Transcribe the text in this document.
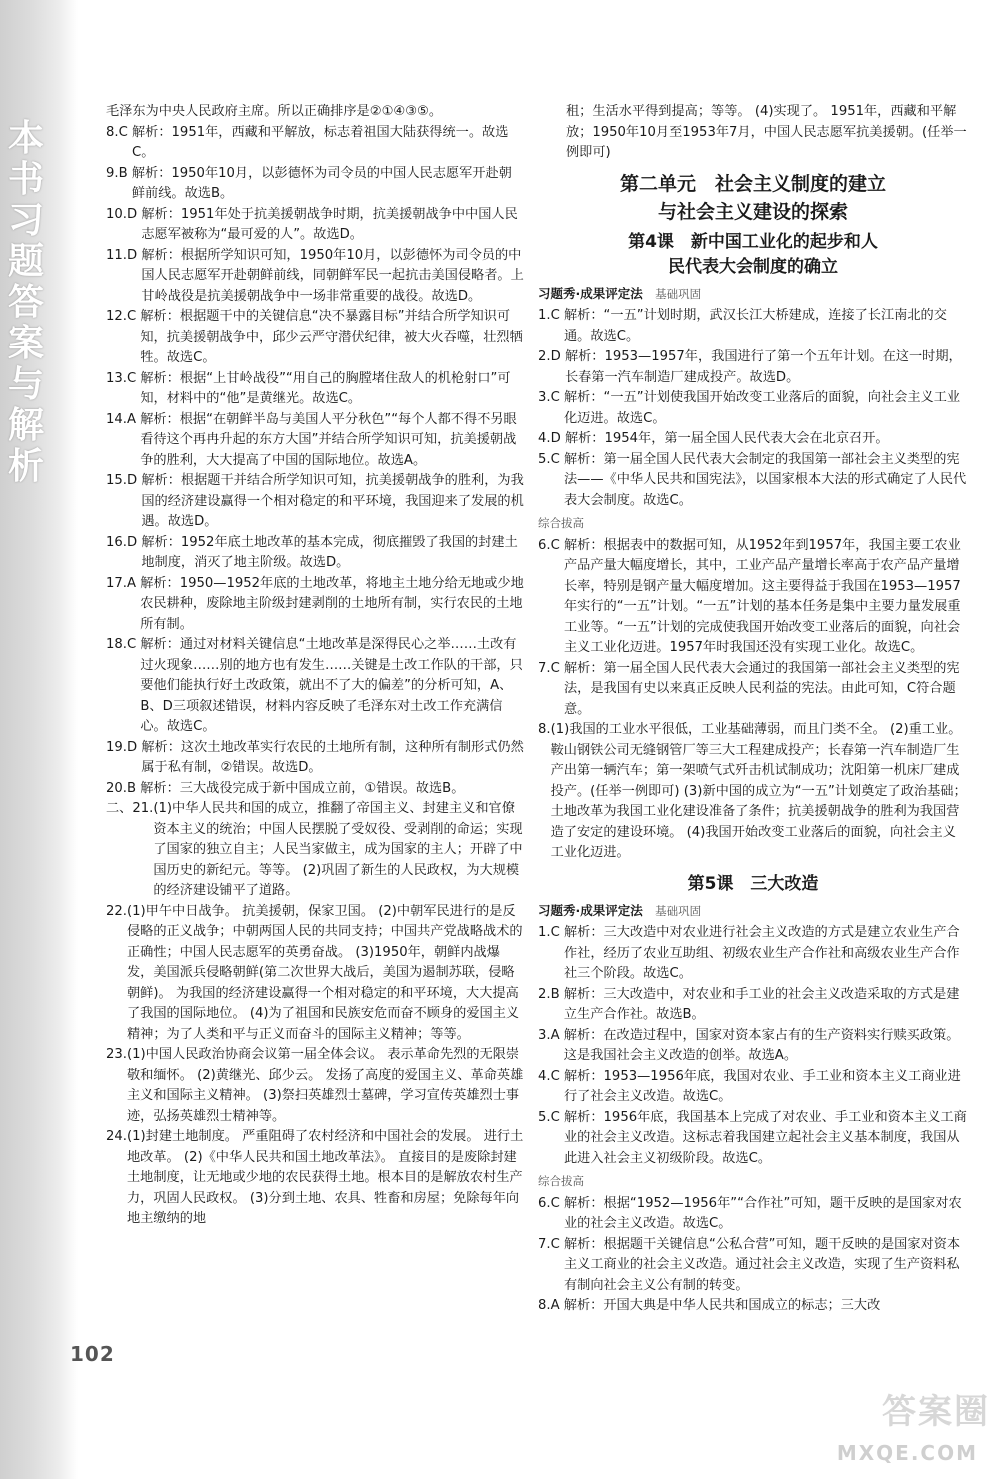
本书习题答案与解析
102
毛泽东为中央人民政府主席。所以正确排序是②①④③⑤。
8.C 解析：1951年，西藏和平解放，标志着祖国大陆获得统一。故选C。
9.B 解析：1950年10月，以彭德怀为司令员的中国人民志愿军开赴朝鲜前线。故选B。
10.D 解析：1951年处于抗美援朝战争时期，抗美援朝战争中中国人民志愿军被称为“最可爱的人”。故选D。
11.D 解析：根据所学知识可知，1950年10月，以彭德怀为司令员的中国人民志愿军开赴朝鲜前线，同朝鲜军民一起抗击美国侵略者。上甘岭战役是抗美援朝战争中一场非常重要的战役。故选D。
12.C 解析：根据题干中的关键信息“决不暴露目标”并结合所学知识可知，抗美援朝战争中，邱少云严守潜伏纪律，被大火吞噬，壮烈牺牲。故选C。
13.C 解析：根据“上甘岭战役”“用自己的胸膛堵住敌人的机枪射口”可知，材料中的“他”是黄继光。故选C。
14.A 解析：根据“在朝鲜半岛与美国人平分秋色”“每个人都不得不另眼看待这个再冉升起的东方大国”并结合所学知识可知，抗美援朝战争的胜利，大大提高了中国的国际地位。故选A。
15.D 解析：根据题干并结合所学知识可知，抗美援朝战争的胜利，为我国的经济建设赢得一个相对稳定的和平环境，我国迎来了发展的机遇。故选D。
16.D 解析：1952年底土地改革的基本完成，彻底摧毁了我国的封建土地制度，消灭了地主阶级。故选D。
17.A 解析：1950—1952年底的土地改革，将地主土地分给无地或少地农民耕种，废除地主阶级封建剥削的土地所有制，实行农民的土地所有制。
18.C 解析：通过对材料关键信息“土地改革是深得民心之举……土改有过火现象……别的地方也有发生……关键是土改工作队的干部，只要他们能执行好土改政策，就出不了大的偏差”的分析可知，A、B、D三项叙述错误，材料内容反映了毛泽东对土改工作充满信心。故选C。
19.D 解析：这次土地改革实行农民的土地所有制，这种所有制形式仍然属于私有制，②错误。故选D。
20.B 解析：三大战役完成于新中国成立前，①错误。故选B。
二、21. (1)中华人民共和国的成立，推翻了帝国主义、封建主义和官僚资本主义的统治；中国人民摆脱了受奴役、受剥削的命运；实现了国家的独立自主；人民当家做主，成为国家的主人；开辟了中国历史的新纪元。等等。 (2)巩固了新生的人民政权，为大规模的经济建设铺平了道路。
22. (1)甲午中日战争。 抗美援朝，保家卫国。 (2)中朝军民进行的是反侵略的正义战争；中朝两国人民的共同支持；中国共产党战略战术的正确性；中国人民志愿军的英勇奋战。 (3)1950年，朝鲜内战爆发，美国派兵侵略朝鲜(第二次世界大战后，美国为遏制苏联，侵略朝鲜)。 为我国的经济建设赢得一个相对稳定的和平环境，大大提高了我国的国际地位。 (4)为了祖国和民族安危而奋不顾身的爱国主义精神；为了人类和平与正义而奋斗的国际主义精神；等等。
23. (1)中国人民政治协商会议第一届全体会议。 表示革命先烈的无限崇敬和缅怀。 (2)黄继光、邱少云。 发扬了高度的爱国主义、革命英雄主义和国际主义精神。 (3)祭扫英雄烈士墓碑，学习宣传英雄烈士事迹，弘扬英雄烈士精神等。
24. (1)封建土地制度。 严重阻碍了农村经济和中国社会的发展。 进行土地改革。 (2)《中华人民共和国土地改革法》。 直接目的是废除封建土地制度，让无地或少地的农民获得土地。根本目的是解放农村生产力，巩固人民政权。 (3)分到土地、农具、牲畜和房屋；免除每年向地主缴纳的地

租；生活水平得到提高；等等。 (4)实现了。 1951年，西藏和平解放；1950年10月至1953年7月，中国人民志愿军抗美援朝。(任举一例即可)

第二单元　社会主义制度的建立
与社会主义建设的探索
第4课　新中国工业化的起步和人
民代表大会制度的确立
习题秀·成果评定法 基础巩固
1.C 解析：“一五”计划时期，武汉长江大桥建成，连接了长江南北的交通。故选C。
2.D 解析：1953—1957年，我国进行了第一个五年计划。在这一时期，长春第一汽车制造厂建成投产。故选D。
3.C 解析：“一五”计划使我国开始改变工业落后的面貌，向社会主义工业化迈进。故选C。
4.D 解析：1954年，第一届全国人民代表大会在北京召开。
5.C 解析：第一届全国人民代表大会制定的我国第一部社会主义类型的宪法——《中华人民共和国宪法》，以国家根本大法的形式确定了人民代表大会制度。故选C。
综合拔高
6.C 解析：根据表中的数据可知，从1952年到1957年，我国主要工农业产品产量大幅度增长，其中，工业产品产量增长率高于农产品产量增长率，特别是钢产量大幅度增加。这主要得益于我国在1953—1957年实行的“一五”计划。“一五”计划的基本任务是集中主要力量发展重工业等。“一五”计划的完成使我国开始改变工业落后的面貌，向社会主义工业化迈进。1957年时我国还没有实现工业化。故选C。
7.C 解析：第一届全国人民代表大会通过的我国第一部社会主义类型的宪法，是我国有史以来真正反映人民利益的宪法。由此可知，C符合题意。
8. (1)我国的工业水平很低，工业基础薄弱，而且门类不全。 (2)重工业。 鞍山钢铁公司无缝钢管厂等三大工程建成投产；长春第一汽车制造厂生产出第一辆汽车；第一架喷气式歼击机试制成功；沈阳第一机床厂建成投产。(任举一例即可) (3)新中国的成立为“一五”计划奠定了政治基础；土地改革为我国工业化建设准备了条件；抗美援朝战争的胜利为我国营造了安定的建设环境。 (4)我国开始改变工业落后的面貌，向社会主义工业化迈进。
第5课　三大改造
习题秀·成果评定法 基础巩固
1.C 解析：三大改造中对农业进行社会主义改造的方式是建立农业生产合作社，经历了农业互助组、初级农业生产合作社和高级农业生产合作社三个阶段。故选C。
2.B 解析：三大改造中，对农业和手工业的社会主义改造采取的方式是建立生产合作社。故选B。
3.A 解析：在改造过程中，国家对资本家占有的生产资料实行赎买政策。这是我国社会主义改造的创举。故选A。
4.C 解析：1953—1956年底，我国对农业、手工业和资本主义工商业进行了社会主义改造。故选C。
5.C 解析：1956年底，我国基本上完成了对农业、手工业和资本主义工商业的社会主义改造。这标志着我国建立起社会主义基本制度，我国从此进入社会主义初级阶段。故选C。
综合拔高
6.C 解析：根据“1952—1956年”“合作社”可知，题干反映的是国家对农业的社会主义改造。故选C。
7.C 解析：根据题干关键信息“公私合营”可知，题干反映的是国家对资本主义工商业的社会主义改造。通过社会主义改造，实现了生产资料私有制向社会主义公有制的转变。
8.A 解析：开国大典是中华人民共和国成立的标志；三大改
答案圈
MXQE.COM
